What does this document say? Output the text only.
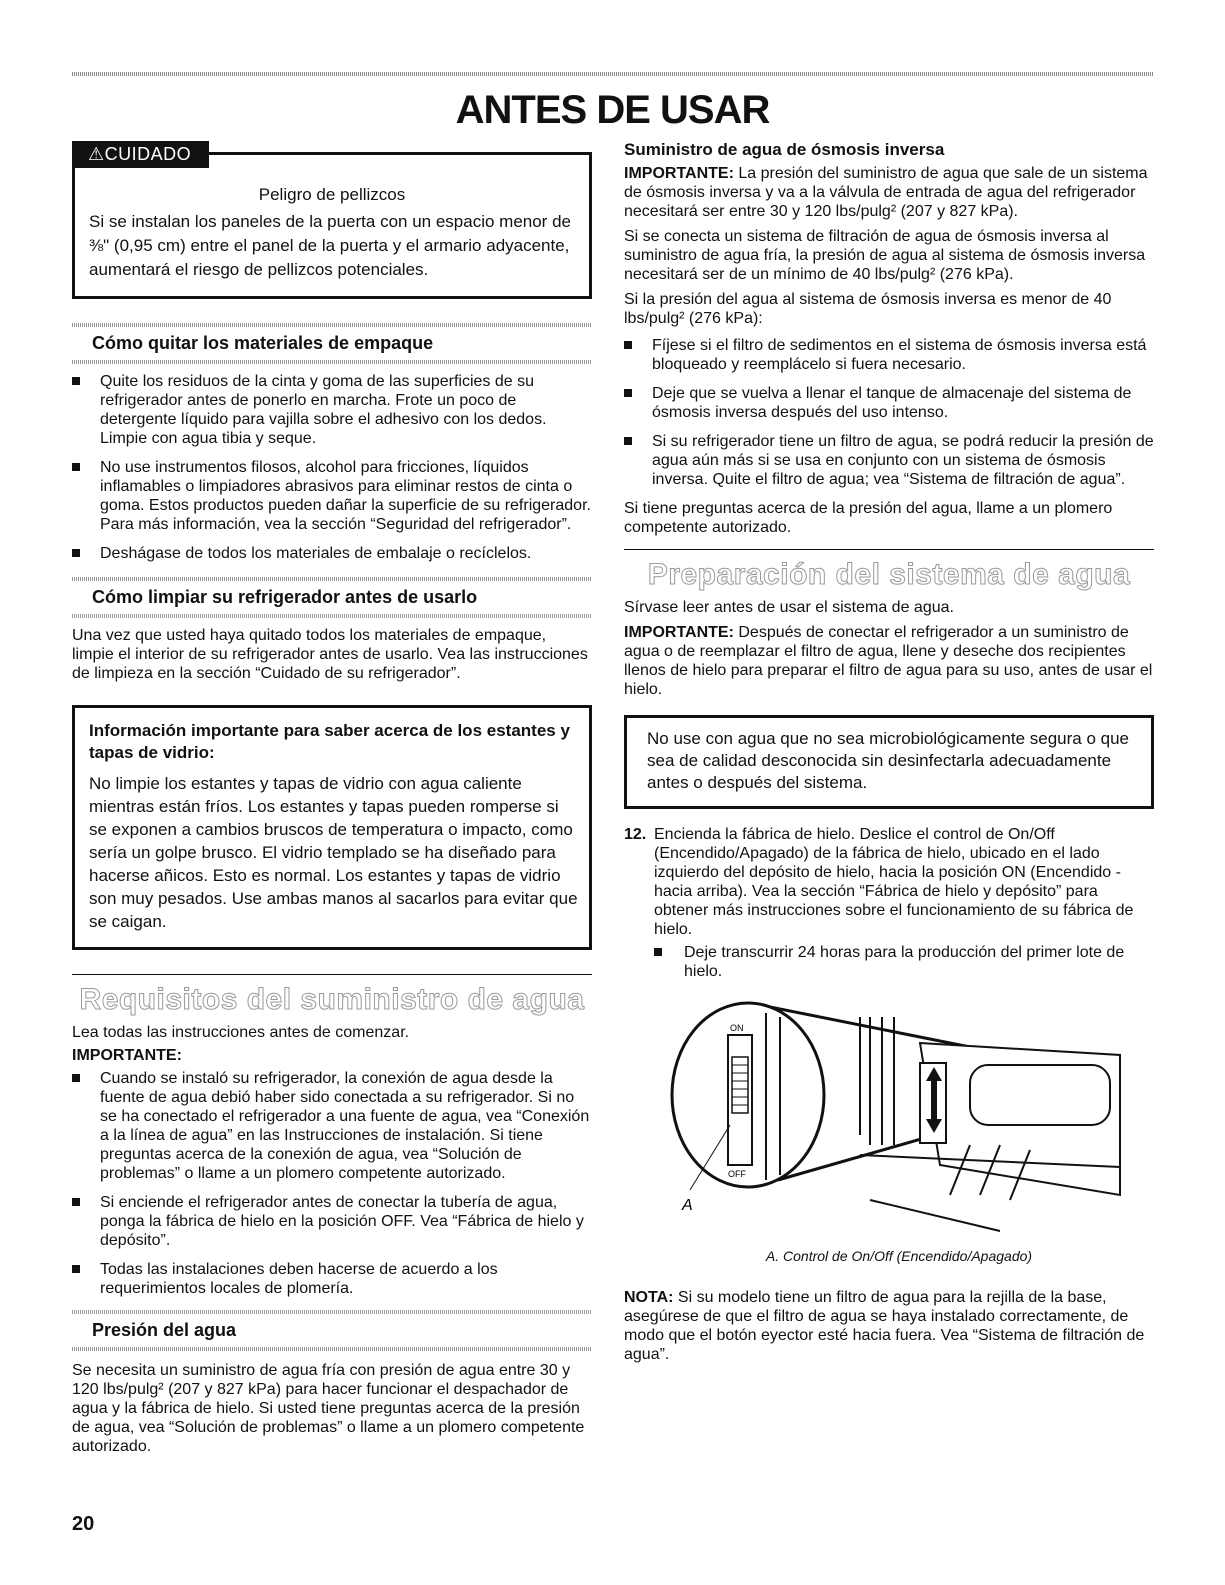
ANTES DE USAR
⚠CUIDADO

Peligro de pellizcos

Si se instalan los paneles de la puerta con un espacio menor de ⅜" (0,95 cm) entre el panel de la puerta y el armario adyacente, aumentará el riesgo de pellizcos potenciales.

Cómo quitar los materiales de empaque
Quite los residuos de la cinta y goma de las superficies de su refrigerador antes de ponerlo en marcha. Frote un poco de detergente líquido para vajilla sobre el adhesivo con los dedos. Limpie con agua tibia y seque.
No use instrumentos filosos, alcohol para fricciones, líquidos inflamables o limpiadores abrasivos para eliminar restos de cinta o goma. Estos productos pueden dañar la superficie de su refrigerador. Para más información, vea la sección “Seguridad del refrigerador”.
Deshágase de todos los materiales de embalaje o recíclelos.
Cómo limpiar su refrigerador antes de usarlo

Una vez que usted haya quitado todos los materiales de empaque, limpie el interior de su refrigerador antes de usarlo. Vea las instrucciones de limpieza en la sección “Cuidado de su refrigerador”.

Información importante para saber acerca de los estantes y tapas de vidrio:

No limpie los estantes y tapas de vidrio con agua caliente mientras están fríos. Los estantes y tapas pueden romperse si se exponen a cambios bruscos de temperatura o impacto, como sería un golpe brusco. El vidrio templado se ha diseñado para hacerse añicos. Esto es normal. Los estantes y tapas de vidrio son muy pesados. Use ambas manos al sacarlos para evitar que se caigan.

Requisitos del suministro de agua

Lea todas las instrucciones antes de comenzar.

IMPORTANTE:

Cuando se instaló su refrigerador, la conexión de agua desde la fuente de agua debió haber sido conectada a su refrigerador. Si no se ha conectado el refrigerador a una fuente de agua, vea “Conexión a la línea de agua” en las Instrucciones de instalación. Si tiene preguntas acerca de la conexión de agua, vea “Solución de problemas” o llame a un plomero competente autorizado.
Si enciende el refrigerador antes de conectar la tubería de agua, ponga la fábrica de hielo en la posición OFF. Vea “Fábrica de hielo y depósito”.
Todas las instalaciones deben hacerse de acuerdo a los requerimientos locales de plomería.
Presión del agua

Se necesita un suministro de agua fría con presión de agua entre 30 y 120 lbs/pulg² (207 y 827 kPa) para hacer funcionar el despachador de agua y la fábrica de hielo. Si usted tiene preguntas acerca de la presión de agua, vea “Solución de problemas” o llame a un plomero competente autorizado.

Suministro de agua de ósmosis inversa

IMPORTANTE: La presión del suministro de agua que sale de un sistema de ósmosis inversa y va a la válvula de entrada de agua del refrigerador necesitará ser entre 30 y 120 lbs/pulg² (207 y 827 kPa).

Si se conecta un sistema de filtración de agua de ósmosis inversa al suministro de agua fría, la presión de agua al sistema de ósmosis inversa necesitará ser de un mínimo de 40 lbs/pulg² (276 kPa).

Si la presión del agua al sistema de ósmosis inversa es menor de 40 lbs/pulg² (276 kPa):

Fíjese si el filtro de sedimentos en el sistema de ósmosis inversa está bloqueado y reemplácelo si fuera necesario.
Deje que se vuelva a llenar el tanque de almacenaje del sistema de ósmosis inversa después del uso intenso.
Si su refrigerador tiene un filtro de agua, se podrá reducir la presión de agua aún más si se usa en conjunto con un sistema de ósmosis inversa. Quite el filtro de agua; vea “Sistema de filtración de agua”.

Si tiene preguntas acerca de la presión del agua, llame a un plomero competente autorizado.

Preparación del sistema de agua

Sírvase leer antes de usar el sistema de agua.

IMPORTANTE: Después de conectar el refrigerador a un suministro de agua o de reemplazar el filtro de agua, llene y deseche dos recipientes llenos de hielo para preparar el filtro de agua para su uso, antes de usar el hielo.

No use con agua que no sea microbiológicamente segura o que sea de calidad desconocida sin desinfectarla adecuadamente antes o después del sistema.

12. Encienda la fábrica de hielo. Deslice el control de On/Off (Encendido/Apagado) de la fábrica de hielo, ubicado en el lado izquierdo del depósito de hielo, hacia la posición ON (Encendido - hacia arriba). Vea la sección “Fábrica de hielo y depósito” para obtener más instrucciones sobre el funcionamiento de su fábrica de hielo.
Deje transcurrir 24 horas para la producción del primer lote de hielo.
ON
OFF
A

A. Control de On/Off (Encendido/Apagado)

NOTA: Si su modelo tiene un filtro de agua para la rejilla de la base, asegúrese de que el filtro de agua se haya instalado correctamente, de modo que el botón eyector esté hacia fuera. Vea “Sistema de filtración de agua”.

20
